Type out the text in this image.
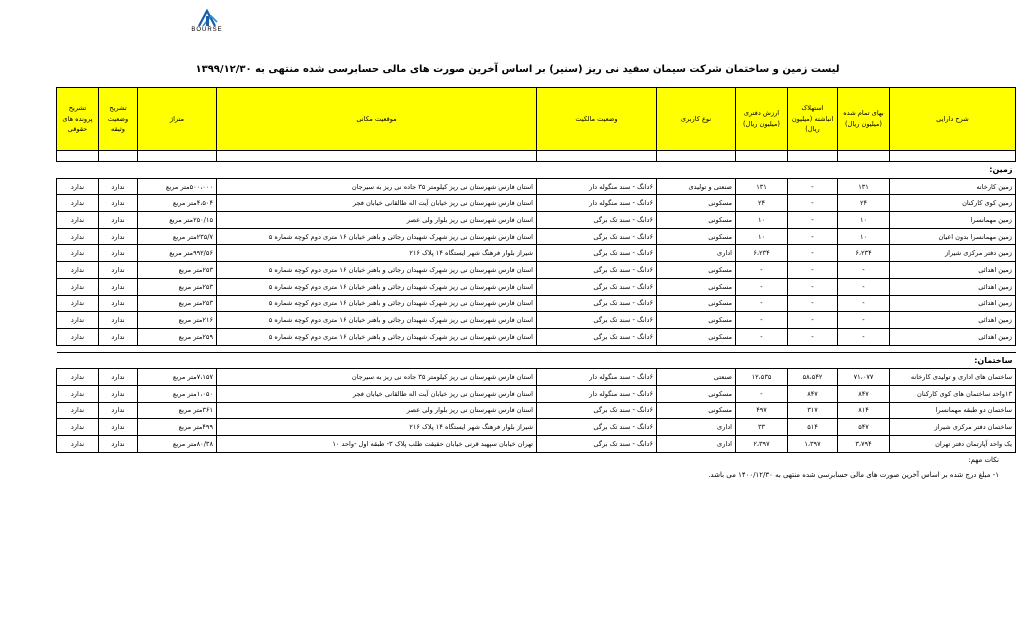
BOURSE
لیست زمین و ساختمان شرکت سیمان سفید نی ریز (سنیر) بر اساس آخرین صورت های مالی حسابرسی شده منتهی به ۱۳۹۹/۱۲/۳۰
شرح دارایی	بهای تمام شده (میلیون ریال)	استهلاک انباشته (میلیون ریال)	ارزش دفتری (میلیون ریال)	نوع کاربری	وضعیت مالکیت	موقعیت مکانی	متراژ	تشریح وضعیت وثیقه	تشریح پرونده های حقوقی

زمین:									
زمین کارخانه	۱۳۱	-	۱۳۱	صنعتی و تولیدی	۶دانگ - سند منگوله دار	استان فارس شهرستان نی ریز کیلومتر ۳۵ جاده نی ریز به سیرجان	۵۰۰،۰۰۰متر مربع	ندارد	ندارد
زمین کوی کارکنان	۲۴	-	۲۴	مسکونی	۶دانگ - سند منگوله دار	استان فارس شهرستان نی ریز خیابان آیت اله طالقانی خیابان فجر	۴،۵۰۴متر مربع	ندارد	ندارد
زمین مهمانسرا	۱۰	-	۱۰	مسکونی	۶دانگ - سند تک برگی	استان فارس شهرستان نی ریز بلوار ولی عصر	۲۵۰/۱۵متر مربع	ندارد	ندارد
زمین مهمانسرا بدون اعیان	۱۰	-	۱۰	مسکونی	۶دانگ - سند تک برگی	استان فارس شهرستان نی ریز شهرک شهیدان رجائی و باهنر خیابان ۱۶ متری دوم کوچه شماره ۵	۲۳۵/۷متر مربع	ندارد	ندارد
زمین دفتر مرکزی شیراز	۶،۲۳۴	-	۶،۲۳۴	اداری	۶دانگ - سند تک برگی	شیراز بلوار فرهنگ شهر ایستگاه ۱۴ پلاک ۲۱۶	۹۹۲/۵۶متر مربع	ندارد	ندارد
زمین اهدائی	-	-	-	مسکونی	۶دانگ - سند تک برگی	استان فارس شهرستان نی ریز شهرک شهیدان رجائی و باهنر خیابان ۱۶ متری دوم کوچه شماره ۵	۲۵۳متر مربع	ندارد	ندارد
زمین اهدائی	-	-	-	مسکونی	۶دانگ - سند تک برگی	استان فارس شهرستان نی ریز شهرک شهیدان رجائی و باهنر خیابان ۱۶ متری دوم کوچه شماره ۵	۲۵۳متر مربع	ندارد	ندارد
زمین اهدائی	-	-	-	مسکونی	۶دانگ - سند تک برگی	استان فارس شهرستان نی ریز شهرک شهیدان رجائی و باهنر خیابان ۱۶ متری دوم کوچه شماره ۵	۲۵۳متر مربع	ندارد	ندارد
زمین اهدائی	-	-	-	مسکونی	۶دانگ - سند تک برگی	استان فارس شهرستان نی ریز شهرک شهیدان رجائی و باهنر خیابان ۱۶ متری دوم کوچه شماره ۵	۲۱۶متر مربع	ندارد	ندارد
زمین اهدائی	-	-	-	مسکونی	۶دانگ - سند تک برگی	استان فارس شهرستان نی ریز شهرک شهیدان رجائی و باهنر خیابان ۱۶ متری دوم کوچه شماره ۵	۲۵۹متر مربع	ندارد	ندارد

ساختمان:									
ساختمان های اداری و تولیدی کارخانه	۷۱،۰۷۷	۵۸،۵۴۲	۱۲،۵۳۵	صنعتی	۶دانگ - سند منگوله دار	استان فارس شهرستان نی ریز کیلومتر ۳۵ جاده نی ریز به سیرجان	۷،۱۵۷متر مربع	ندارد	ندارد
۱۳واحد ساختمان های کوی کارکنان	۸۴۷	۸۴۷	-	مسکونی	۶دانگ - سند منگوله دار	استان فارس شهرستان نی ریز خیابان آیت اله طالقانی خیابان فجر	۱،۰۵۰متر مربع	ندارد	ندارد
ساختمان دو طبقه مهمانسرا	۸۱۴	۳۱۷	۴۹۷	مسکونی	۶دانگ - سند تک برگی	استان فارس شهرستان نی ریز بلوار ولی عصر	۳۶۱متر مربع	ندارد	ندارد
ساختمان دفتر مرکزی شیراز	۵۴۷	۵۱۴	۳۳	اداری	۶دانگ - سند تک برگی	شیراز بلوار فرهنگ شهر ایستگاه ۱۴ پلاک ۲۱۶	۴۹۹متر مربع	ندارد	ندارد
یک واحد آپارتمان دفتر تهران	۳،۷۹۴	۱،۳۹۷	۲،۳۹۷	اداری	۶دانگ - سند تک برگی	تهران خیابان سپهبد قرنی خیابان حقیقت طلب پلاک ۳- طبقه اول -واحد ۱۰	۸۰/۳۸متر مربع	ندارد	ندارد
نکات مهم:
۱- مبلغ درج شده بر اساس آخرین صورت های مالی حسابرسی شده منتهی به ۱۴۰۰/۱۲/۳۰ می باشد.
